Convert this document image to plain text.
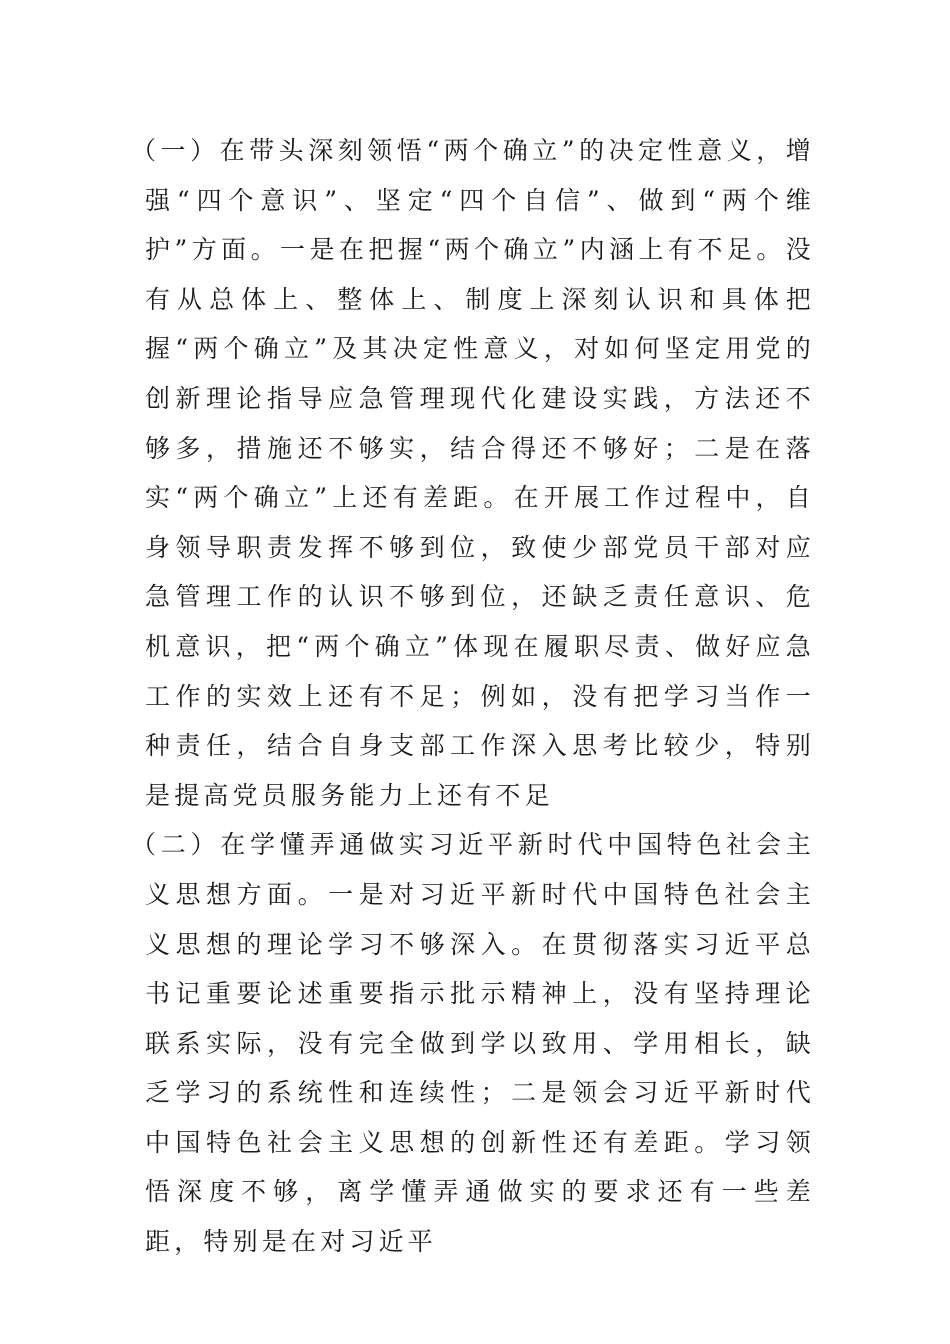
（一）在带头深刻领悟“两个确立”的决定性意义，增强“四个意识”、坚定“四个自信”、做到“两个维护”方面。一是在把握“两个确立”内涵上有不足。没有从总体上、整体上、制度上深刻认识和具体把握“两个确立”及其决定性意义，对如何坚定用党的创新理论指导应急管理现代化建设实践，方法还不够多，措施还不够实，结合得还不够好；二是在落实“两个确立”上还有差距。在开展工作过程中，自身领导职责发挥不够到位，致使少部党员干部对应急管理工作的认识不够到位，还缺乏责任意识、危机意识，把“两个确立”体现在履职尽责、做好应急工作的实效上还有不足；例如，没有把学习当作一种责任，结合自身支部工作深入思考比较少，特别是提高党员服务能力上还有不足

（二）在学懂弄通做实习近平新时代中国特色社会主义思想方面。一是对习近平新时代中国特色社会主义思想的理论学习不够深入。在贯彻落实习近平总书记重要论述重要指示批示精神上，没有坚持理论联系实际，没有完全做到学以致用、学用相长，缺乏学习的系统性和连续性；二是领会习近平新时代中国特色社会主义思想的创新性还有差距。学习领悟深度不够，离学懂弄通做实的要求还有一些差距，特别是在对习近平
